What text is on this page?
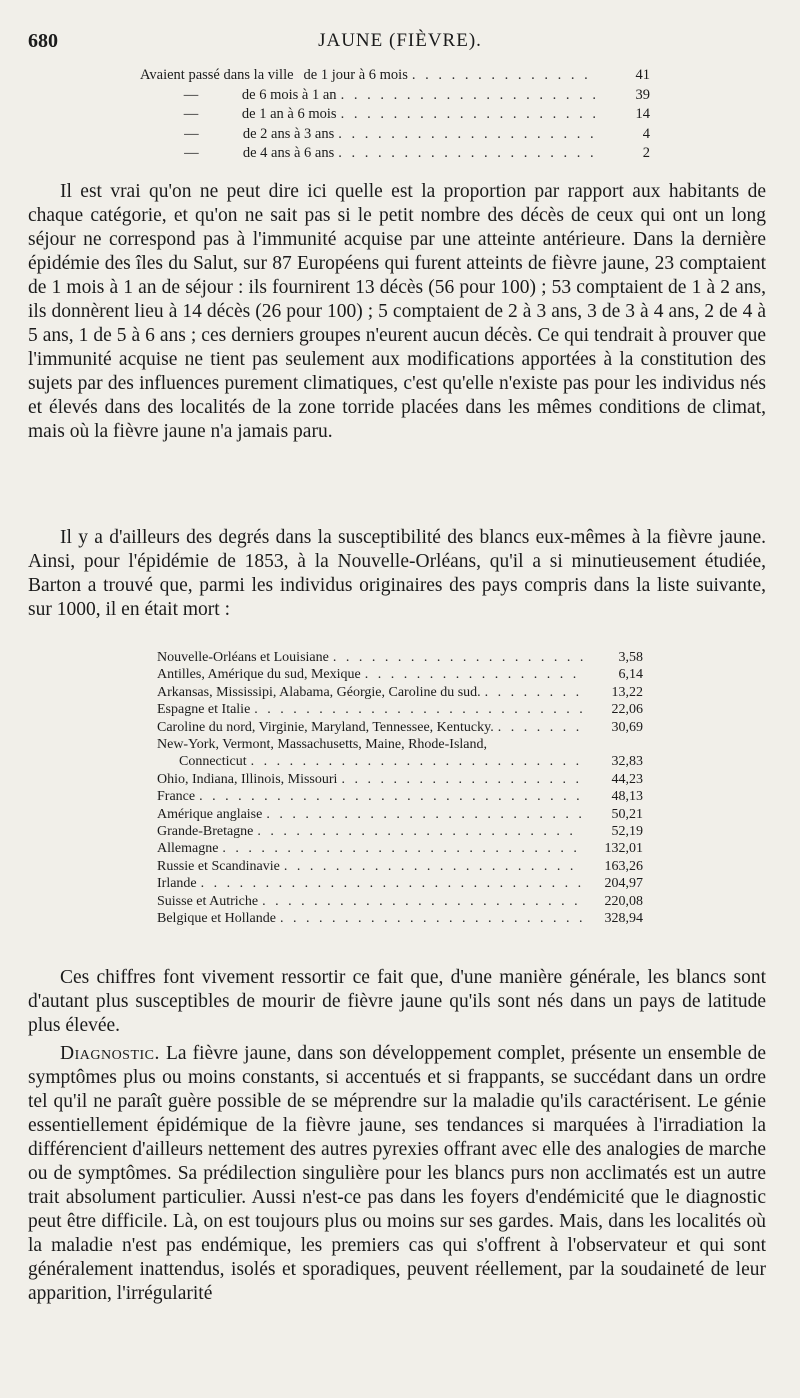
680	JAUNE (FIÈVRE).
Avaient passé dans la ville de 1 jour à 6 mois . . .	41
—	de 6 mois à 1 an . . .	39
—	de 1 an à 6 mois . . .	14
—	de 2 ans à 3 ans . . .	4
—	de 4 ans à 6 ans . . .	2

Il est vrai qu'on ne peut dire ici quelle est la proportion par rapport aux habitants de chaque catégorie, et qu'on ne sait pas si le petit nombre des décès de ceux qui ont un long séjour ne correspond pas à l'immunité acquise par une atteinte antérieure. Dans la dernière épidémie des îles du Salut, sur 87 Européens qui furent atteints de fièvre jaune, 23 comptaient de 1 mois à 1 an de séjour : ils fournirent 13 décès (56 pour 100) ; 53 comptaient de 1 à 2 ans, ils donnèrent lieu à 14 décès (26 pour 100) ; 5 comptaient de 2 à 3 ans, 3 de 3 à 4 ans, 2 de 4 à 5 ans, 1 de 5 à 6 ans ; ces derniers groupes n'eurent aucun décès. Ce qui tendrait à prouver que l'immunité acquise ne tient pas seulement aux modifications apportées à la constitution des sujets par des influences purement climatiques, c'est qu'elle n'existe pas pour les individus nés et élevés dans des localités de la zone torride placées dans les mêmes conditions de climat, mais où la fièvre jaune n'a jamais paru.

Il y a d'ailleurs des degrés dans la susceptibilité des blancs eux-mêmes à la fièvre jaune. Ainsi, pour l'épidémie de 1853, à la Nouvelle-Orléans, qu'il a si minutieusement étudiée, Barton a trouvé que, parmi les individus originaires des pays compris dans la liste suivante, sur 1000, il en était mort :

Nouvelle-Orléans et Louisiane . . .	3,58
Antilles, Amérique du sud, Mexique . . .	6,14
Arkansas, Mississipi, Alabama, Géorgie, Caroline du sud. . . .	13,22
Espagne et Italie . . .	22,06
Caroline du nord, Virginie, Maryland, Tennessee, Kentucky. . . .	30,69
New-York, Vermont, Massachusetts, Maine, Rhode-Island,
Connecticut . . .	32,83
Ohio, Indiana, Illinois, Missouri . . .	44,23
France . . .	48,13
Amérique anglaise . . .	50,21
Grande-Bretagne . . .	52,19
Allemagne . . .	132,01
Russie et Scandinavie . . .	163,26
Irlande . . .	204,97
Suisse et Autriche . . .	220,08
Belgique et Hollande . . .	328,94

Ces chiffres font vivement ressortir ce fait que, d'une manière générale, les blancs sont d'autant plus susceptibles de mourir de fièvre jaune qu'ils sont nés dans un pays de latitude plus élevée.

Diagnostic. La fièvre jaune, dans son développement complet, présente un ensemble de symptômes plus ou moins constants, si accentués et si frappants, se succédant dans un ordre tel qu'il ne paraît guère possible de se méprendre sur la maladie qu'ils caractérisent. Le génie essentiellement épidémique de la fièvre jaune, ses tendances si marquées à l'irradiation la différencient d'ailleurs nettement des autres pyrexies offrant avec elle des analogies de marche ou de symptômes. Sa prédilection singulière pour les blancs purs non acclimatés est un autre trait absolument particulier. Aussi n'est-ce pas dans les foyers d'endémicité que le diagnostic peut être difficile. Là, on est toujours plus ou moins sur ses gardes. Mais, dans les localités où la maladie n'est pas endémique, les premiers cas qui s'offrent à l'observateur et qui sont généralement inattendus, isolés et sporadiques, peuvent réellement, par la soudaineté de leur apparition, l'irrégularité
